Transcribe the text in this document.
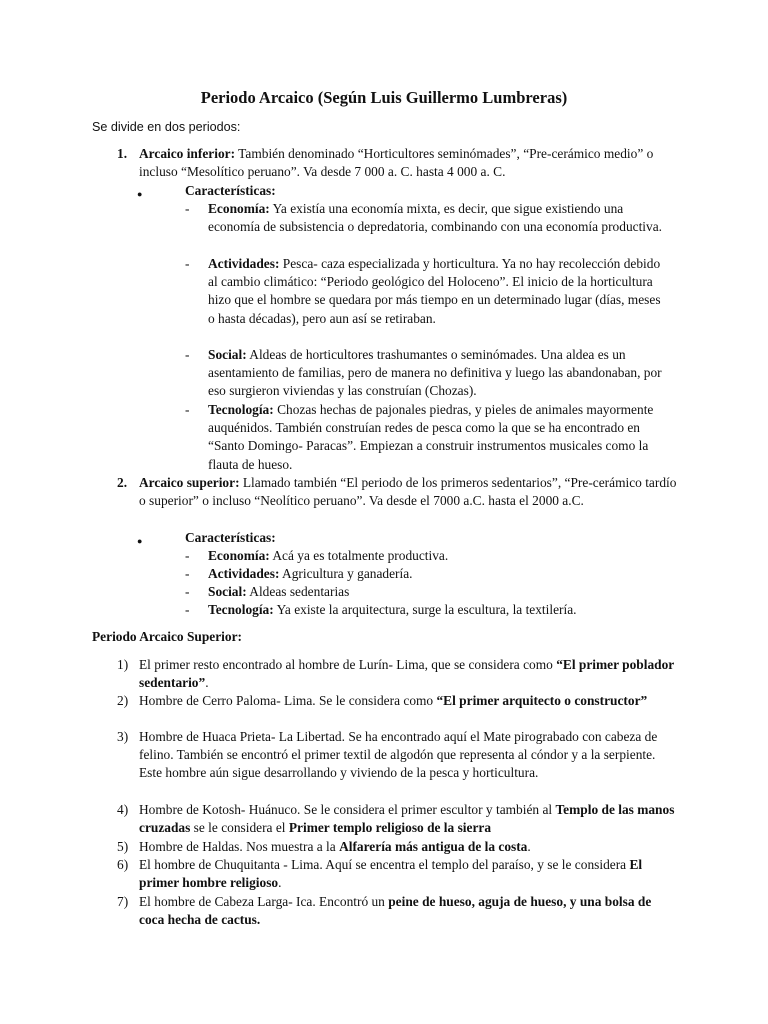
Periodo Arcaico (Según Luis Guillermo Lumbreras)
Se divide en dos periodos:
1. Arcaico inferior: También denominado “Horticultores seminómades”, “Pre-cerámico medio” o incluso “Mesolítico peruano”. Va desde 7 000 a. C. hasta 4 000 a. C.
●	Características:
- Economía: Ya existía una economía mixta, es decir, que sigue existiendo una economía de subsistencia o depredatoria, combinando con una economía productiva.
- Actividades: Pesca- caza especializada y horticultura. Ya no hay recolección debido al cambio climático: “Periodo geológico del Holoceno”. El inicio de la horticultura hizo que el hombre se quedara por más tiempo en un determinado lugar (días, meses o hasta décadas), pero aun así se retiraban.
- Social: Aldeas de horticultores trashumantes o seminómades. Una aldea es un asentamiento de familias, pero de manera no definitiva y luego las abandonaban, por eso surgieron viviendas y las construían (Chozas).
- Tecnología: Chozas hechas de pajonales piedras, y pieles de animales mayormente auquénidos. También construían redes de pesca como la que se ha encontrado en “Santo Domingo- Paracas”. Empiezan a construir instrumentos musicales como la flauta de hueso.
2. Arcaico superior: Llamado también “El periodo de los primeros sedentarios”, “Pre-cerámico tardío o superior” o incluso “Neolítico peruano”. Va desde el 7000 a.C. hasta el 2000 a.C.
●	Características:
- Economía: Acá ya es totalmente productiva.
- Actividades: Agricultura y ganadería.
- Social: Aldeas sedentarias
- Tecnología: Ya existe la arquitectura, surge la escultura, la textilería.
Periodo Arcaico Superior:
1) El primer resto encontrado al hombre de Lurín- Lima, que se considera como “El primer poblador sedentario”.
2) Hombre de Cerro Paloma- Lima. Se le considera como “El primer arquitecto o constructor”
3) Hombre de Huaca Prieta- La Libertad. Se ha encontrado aquí el Mate pirograbado con cabeza de felino. También se encontró el primer textil de algodón que representa al cóndor y a la serpiente. Este hombre aún sigue desarrollando y viviendo de la pesca y horticultura.
4) Hombre de Kotosh- Huánuco. Se le considera el primer escultor y también al Templo de las manos cruzadas se le considera el Primer templo religioso de la sierra
5) Hombre de Haldas. Nos muestra a la Alfarería más antigua de la costa.
6) El hombre de Chuquitanta - Lima. Aquí se encentra el templo del paraíso, y se le considera El primer hombre religioso.
7) El hombre de Cabeza Larga- Ica. Encontró un peine de hueso, aguja de hueso, y una bolsa de coca hecha de cactus.
